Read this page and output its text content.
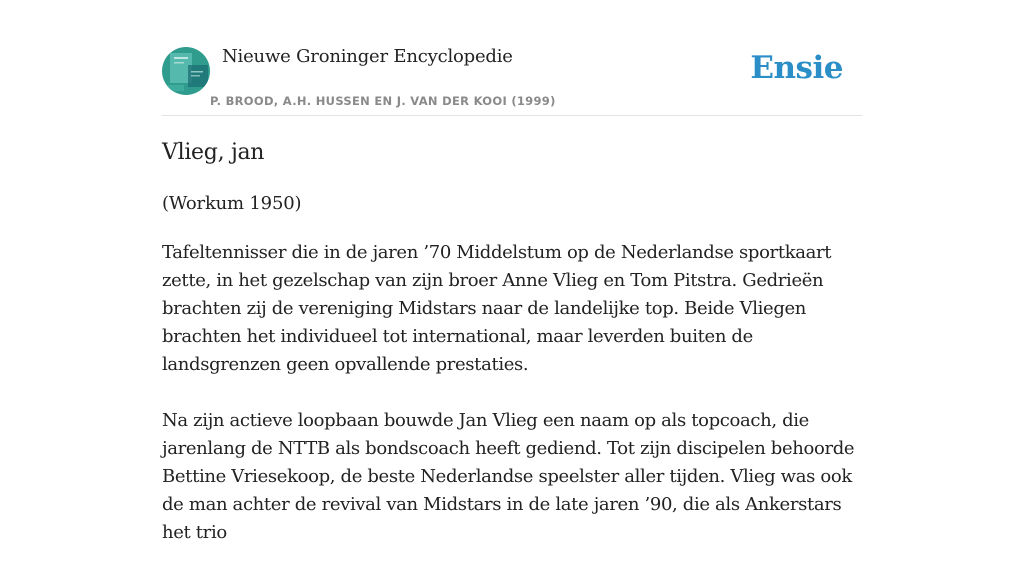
Nieuwe Groninger Encyclopedie
P. BROOD, A.H. HUSSEN EN J. VAN DER KOOI (1999)
Ensie
Vlieg, jan
(Workum 1950)

Tafeltennisser die in de jaren ’70 Middelstum op de Nederlandse sportkaart zette, in het gezelschap van zijn broer Anne Vlieg en Tom Pitstra. Gedrieën brachten zij de vereniging Midstars naar de landelijke top. Beide Vliegen brachten het individueel tot international, maar leverden buiten de landsgrenzen geen opvallende prestaties.

Na zijn actieve loopbaan bouwde Jan Vlieg een naam op als topcoach, die jarenlang de NTTB als bondscoach heeft gediend. Tot zijn discipelen behoorde Bettine Vriesekoop, de beste Nederlandse speelster aller tijden. Vlieg was ook de man achter de revival van Midstars in de late jaren ’90, die als Ankerstars het trio
